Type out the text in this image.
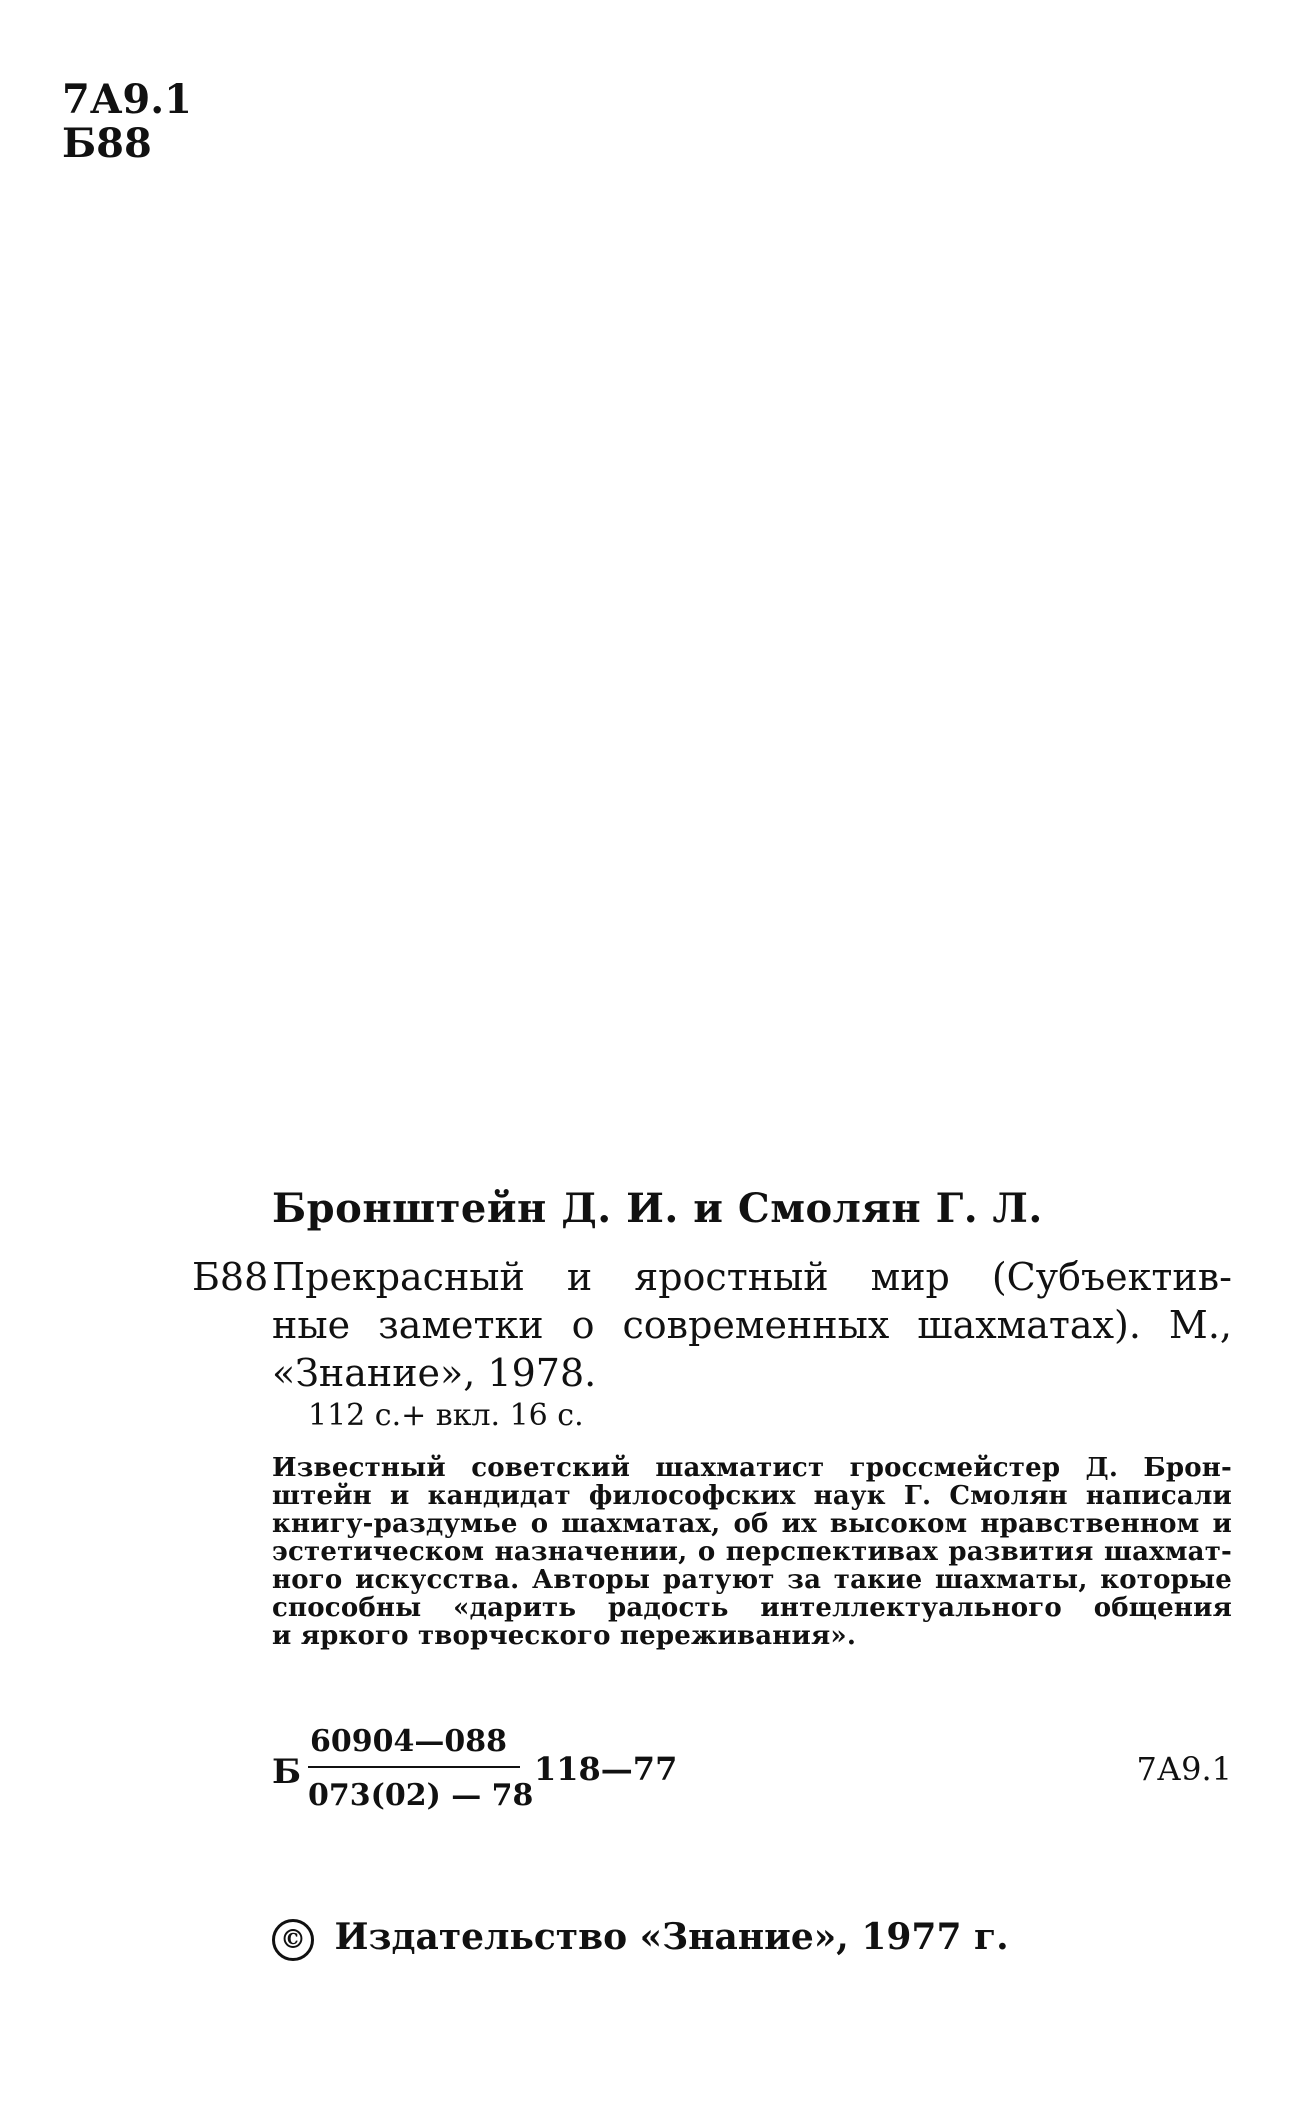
7А9.1
Б88
Бронштейн Д. И. и Смолян Г. Л.
Б88 Прекрасный и яростный мир (Субъектив-
ные заметки о современных шахматах). М.,
«Знание», 1978.
112 с.+ вкл. 16 с.
Известный советский шахматист гроссмейстер Д. Брон-
штейн и кандидат философских наук Г. Смолян написали
книгу-раздумье о шахматах, об их высоком нравственном и
эстетическом назначении, о перспективах развития шахмат-
ного искусства. Авторы ратуют за такие шахматы, которые
способны «дарить радость интеллектуального общения
и яркого творческого переживания».
Б
60904—088
073(02) — 78
118—77	7А9.1
© Издательство «Знание», 1977 г.
